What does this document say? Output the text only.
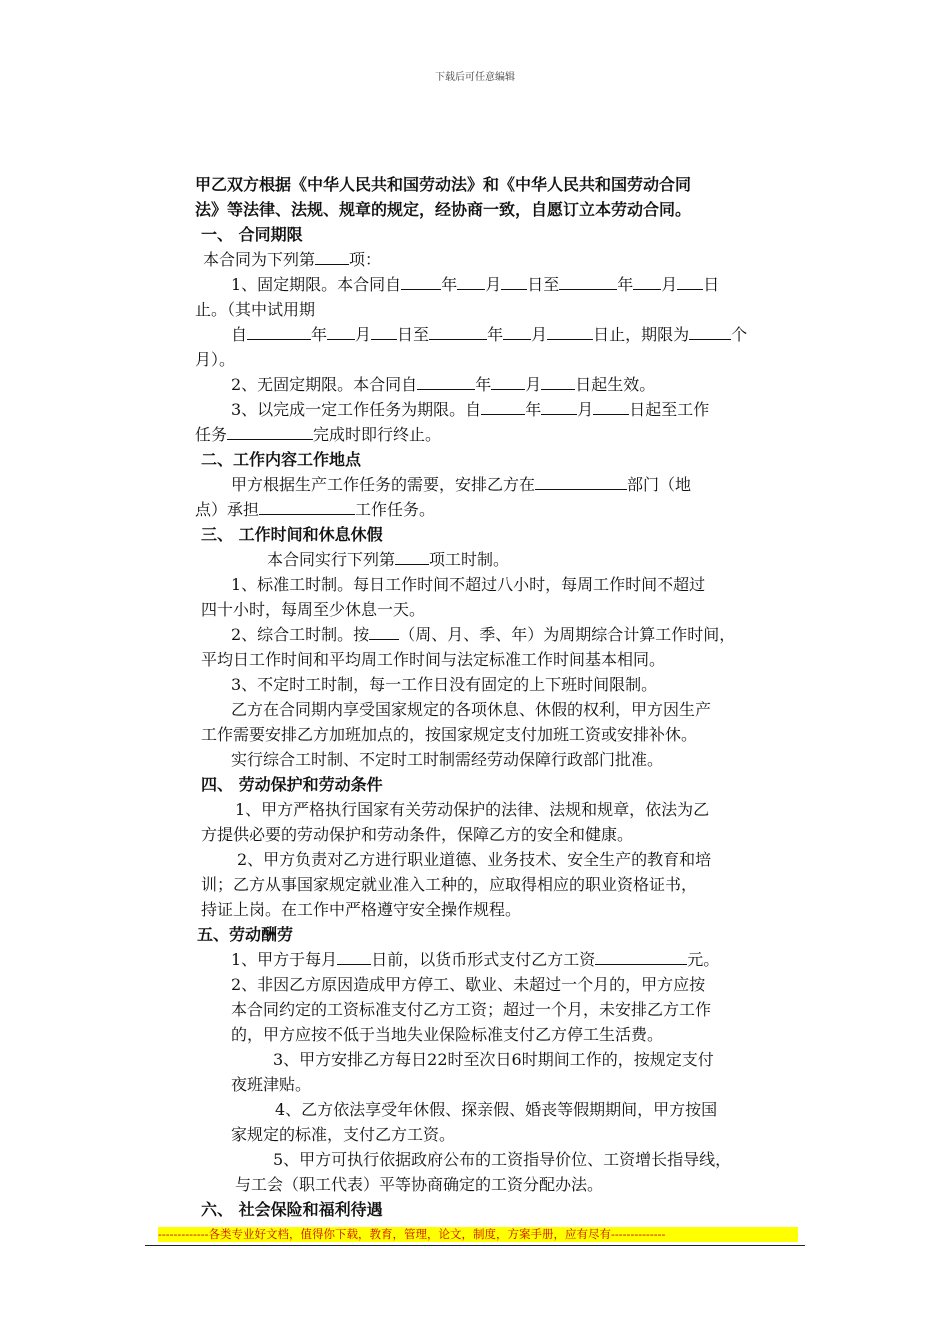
下载后可任意编辑
甲乙双方根据《中华人民共和国劳动法》和《中华人民共和国劳动合同
法》等法律、法规、规章的规定，经协商一致，自愿订立本劳动合同。
一、 合同期限
本合同为下列第 项：
1、固定期限。本合同自	年 月 日至	年 月 日
止。（其中试用期
自	年 月 日至	年 月	日止，期限为	个
月）。
2、无固定期限。本合同自	年 月 日起生效。
3、以完成一定工作任务为期限。自	年 月 日起至工作
任务	完成时即行终止。
二、工作内容工作地点
甲方根据生产工作任务的需要，安排乙方在	部门（地
点）承担	工作任务。
三、 工作时间和休息休假
本合同实行下列第 项工时制。
1、标准工时制。每日工作时间不超过八小时，每周工作时间不超过
四十小时，每周至少休息一天。
2、综合工时制。按 （周、月、季、年）为周期综合计算工作时间，
平均日工作时间和平均周工作时间与法定标准工作时间基本相同。
3、不定时工时制，每一工作日没有固定的上下班时间限制。
乙方在合同期内享受国家规定的各项休息、休假的权利，甲方因生产
工作需要安排乙方加班加点的，按国家规定支付加班工资或安排补休。
实行综合工时制、不定时工时制需经劳动保障行政部门批准。
四、 劳动保护和劳动条件
1、甲方严格执行国家有关劳动保护的法律、法规和规章，依法为乙
方提供必要的劳动保护和劳动条件，保障乙方的安全和健康。
2、甲方负责对乙方进行职业道德、业务技术、安全生产的教育和培
训；乙方从事国家规定就业准入工种的，应取得相应的职业资格证书，
持证上岗。在工作中严格遵守安全操作规程。
五、劳动酬劳
1、甲方于每月 日前，以货币形式支付乙方工资	元。
2、非因乙方原因造成甲方停工、歇业、未超过一个月的，甲方应按
本合同约定的工资标准支付乙方工资；超过一个月，未安排乙方工作
的，甲方应按不低于当地失业保险标准支付乙方停工生活费。
3、甲方安排乙方每日22时至次日6时期间工作的，按规定支付
夜班津贴。
4、乙方依法享受年休假、探亲假、婚丧等假期期间，甲方按国
家规定的标准，支付乙方工资。
5、甲方可执行依据政府公布的工资指导价位、工资增长指导线，
与工会（职工代表）平等协商确定的工资分配办法。
六、 社会保险和福利待遇
-------------各类专业好文档，值得你下载，教育，管理，论文，制度，方案手册，应有尽有--------------
